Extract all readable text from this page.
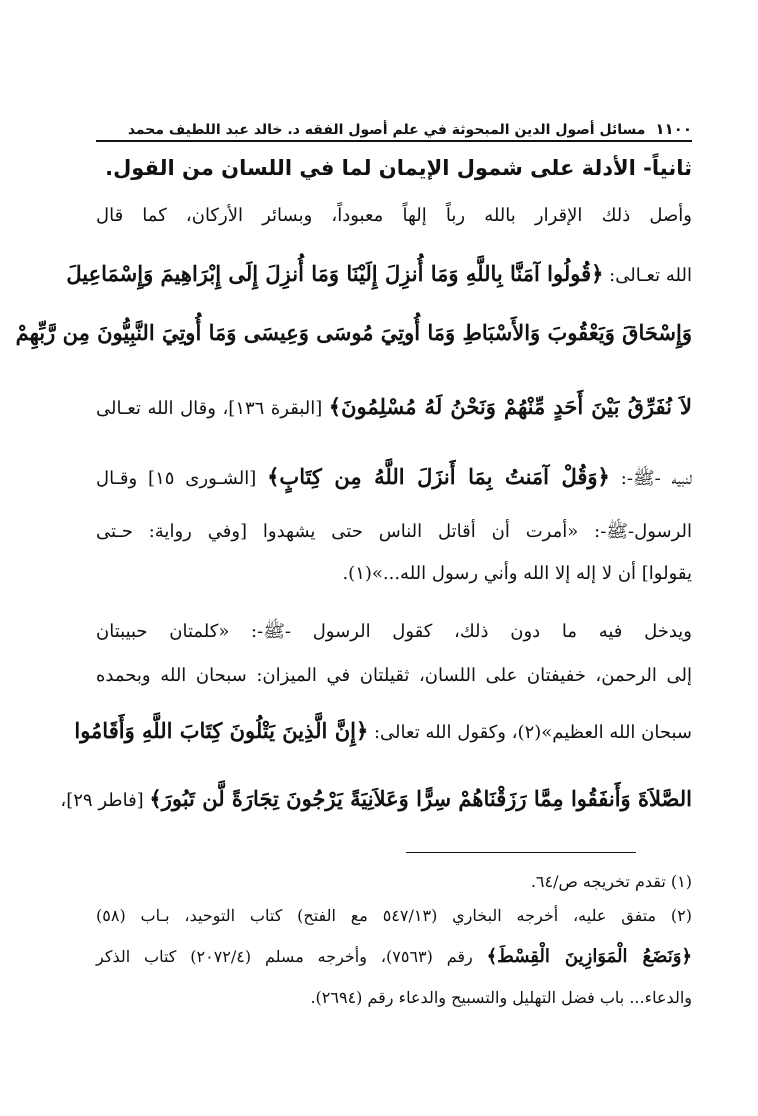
١١٠٠
مسائل أصول الدين المبحوثة في علم أصول الفقه د. خالد عبد اللطيف محمد
ثانياً- الأدلة على شمول الإيمان لما في اللسان من القول.
وأصل ذلك الإقرار بالله رباً إلهاً معبوداً، وبسائر الأركان، كما قال
الله تعـالى: ﴿قُولُوا آمَنَّا بِاللَّهِ وَمَا أُنزِلَ إِلَيْنَا وَمَا أُنزِلَ إِلَى إِبْرَاهِيمَ وَإِسْمَاعِيلَ
وَإِسْحَاقَ وَيَعْقُوبَ وَالأَسْبَاطِ وَمَا أُوتِيَ مُوسَى وَعِيسَى وَمَا أُوتِيَ النَّبِيُّونَ مِن رَّبِّهِمْ
لاَ نُفَرِّقُ بَيْنَ أَحَدٍ مِّنْهُمْ وَنَحْنُ لَهُ مُسْلِمُونَ﴾ [البقرة ١٣٦]، وقال الله تعـالى
لنبيه -ﷺ-: ﴿وَقُلْ آمَنتُ بِمَا أَنزَلَ اللَّهُ مِن كِتَابٍ﴾ [الشـورى ١٥] وقـال
الرسول-ﷺ-: «أمرت أن أقاتل الناس حتى يشهدوا [وفي رواية: حـتى
يقولوا] أن لا إله إلا الله وأني رسول الله...»(١).
ويدخل فيه ما دون ذلك، كقول الرسول -ﷺ-: «كلمتان حبيبتان
إلى الرحمن، خفيفتان على اللسان، ثقيلتان في الميزان: سبحان الله وبحمده
سبحان الله العظيم»(٢)، وكقول الله تعالى: ﴿إِنَّ الَّذِينَ يَتْلُونَ كِتَابَ اللَّهِ وَأَقَامُوا
الصَّلاَةَ وَأَنفَقُوا مِمَّا رَزَقْنَاهُمْ سِرًّا وَعَلاَنِيَةً يَرْجُونَ تِجَارَةً لَّن تَبُورَ﴾ [فاطر ٢٩]،
(١) تقدم تخريجه ص/٦٤.
(٢) متفق عليه، أخرجه البخاري (٥٤٧/١٣ مع الفتح) كتاب التوحيد، بـاب (٥٨)
﴿وَنَضَعُ الْمَوَازِينَ الْقِسْطَ﴾ رقم (٧٥٦٣)، وأخرجه مسلم (٢٠٧٢/٤) كتاب الذكر
والدعاء... باب فضل التهليل والتسبيح والدعاء رقم (٢٦٩٤).
